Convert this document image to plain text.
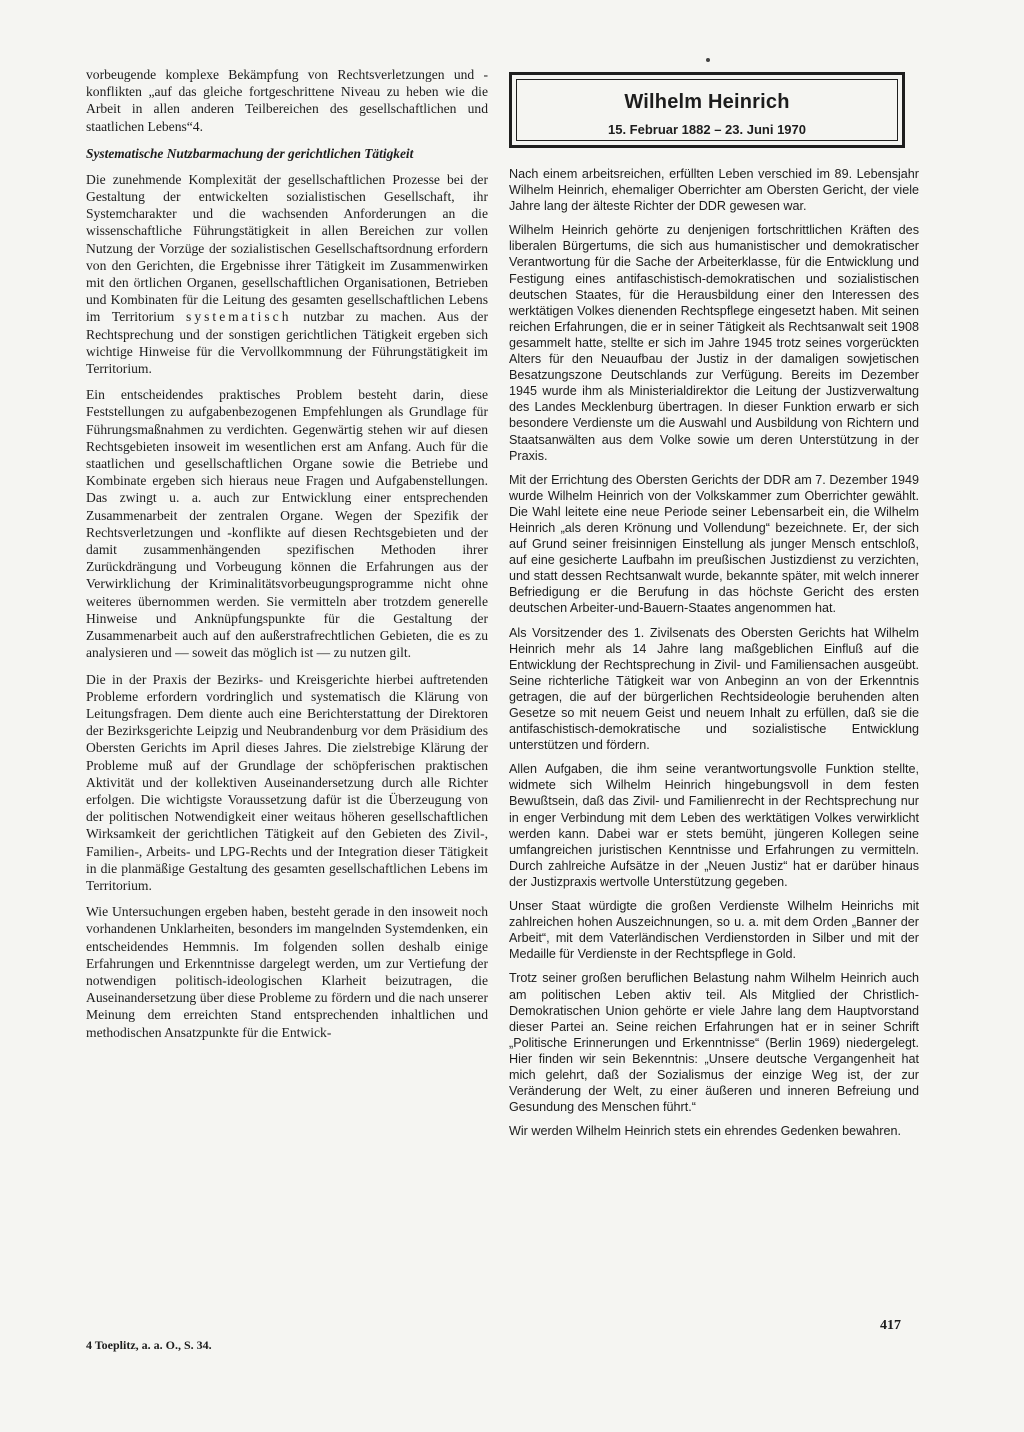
vorbeugende komplexe Bekämpfung von Rechtsverletzungen und -konflikten „auf das gleiche fortgeschrittene Niveau zu heben wie die Arbeit in allen anderen Teilbereichen des gesellschaftlichen und staatlichen Lebens“4.

Systematische Nutzbarmachung der gerichtlichen Tätigkeit

Die zunehmende Komplexität der gesellschaftlichen Prozesse bei der Gestaltung der entwickelten sozialistischen Gesellschaft, ihr Systemcharakter und die wachsenden Anforderungen an die wissenschaftliche Führungstätigkeit in allen Bereichen zur vollen Nutzung der Vorzüge der sozialistischen Gesellschaftsordnung erfordern von den Gerichten, die Ergebnisse ihrer Tätigkeit im Zusammenwirken mit den örtlichen Organen, gesellschaftlichen Organisationen, Betrieben und Kombinaten für die Leitung des gesamten gesellschaftlichen Lebens im Territorium systematisch nutzbar zu machen. Aus der Rechtsprechung und der sonstigen gerichtlichen Tätigkeit ergeben sich wichtige Hinweise für die Vervollkommnung der Führungstätigkeit im Territorium.

Ein entscheidendes praktisches Problem besteht darin, diese Feststellungen zu aufgabenbezogenen Empfehlungen als Grundlage für Führungsmaßnahmen zu verdichten. Gegenwärtig stehen wir auf diesen Rechtsgebieten insoweit im wesentlichen erst am Anfang. Auch für die staatlichen und gesellschaftlichen Organe sowie die Betriebe und Kombinate ergeben sich hieraus neue Fragen und Aufgabenstellungen. Das zwingt u. a. auch zur Entwicklung einer entsprechenden Zusammenarbeit der zentralen Organe. Wegen der Spezifik der Rechtsverletzungen und -konflikte auf diesen Rechtsgebieten und der damit zusammenhängenden spezifischen Methoden ihrer Zurückdrängung und Vorbeugung können die Erfahrungen aus der Verwirklichung der Kriminalitätsvorbeugungsprogramme nicht ohne weiteres übernommen werden. Sie vermitteln aber trotzdem generelle Hinweise und Anknüpfungspunkte für die Gestaltung der Zusammenarbeit auch auf den außerstrafrechtlichen Gebieten, die es zu analysieren und — soweit das möglich ist — zu nutzen gilt.

Die in der Praxis der Bezirks- und Kreisgerichte hierbei auftretenden Probleme erfordern vordringlich und systematisch die Klärung von Leitungsfragen. Dem diente auch eine Berichterstattung der Direktoren der Bezirksgerichte Leipzig und Neubrandenburg vor dem Präsidium des Obersten Gerichts im April dieses Jahres. Die zielstrebige Klärung der Probleme muß auf der Grundlage der schöpferischen praktischen Aktivität und der kollektiven Auseinandersetzung durch alle Richter erfolgen. Die wichtigste Voraussetzung dafür ist die Überzeugung von der politischen Notwendigkeit einer weitaus höheren gesellschaftlichen Wirksamkeit der gerichtlichen Tätigkeit auf den Gebieten des Zivil-, Familien-, Arbeits- und LPG-Rechts und der Integration dieser Tätigkeit in die planmäßige Gestaltung des gesamten gesellschaftlichen Lebens im Territorium.

Wie Untersuchungen ergeben haben, besteht gerade in den insoweit noch vorhandenen Unklarheiten, besonders im mangelnden Systemdenken, ein entscheidendes Hemmnis. Im folgenden sollen deshalb einige Erfahrungen und Erkenntnisse dargelegt werden, um zur Vertiefung der notwendigen politisch-ideologischen Klarheit beizutragen, die Auseinandersetzung über diese Probleme zu fördern und die nach unserer Meinung dem erreichten Stand entsprechenden inhaltlichen und methodischen Ansatzpunkte für die Entwick-

4 Toeplitz, a. a. O., S. 34.
Wilhelm Heinrich
15. Februar 1882 – 23. Juni 1970

Nach einem arbeitsreichen, erfüllten Leben verschied im 89. Lebensjahr Wilhelm Heinrich, ehemaliger Oberrichter am Obersten Gericht, der viele Jahre lang der älteste Richter der DDR gewesen war.

Wilhelm Heinrich gehörte zu denjenigen fortschrittlichen Kräften des liberalen Bürgertums, die sich aus humanistischer und demokratischer Verantwortung für die Sache der Arbeiterklasse, für die Entwicklung und Festigung eines antifaschistisch-demokratischen und sozialistischen deutschen Staates, für die Herausbildung einer den Interessen des werktätigen Volkes dienenden Rechtspflege eingesetzt haben. Mit seinen reichen Erfahrungen, die er in seiner Tätigkeit als Rechtsanwalt seit 1908 gesammelt hatte, stellte er sich im Jahre 1945 trotz seines vorgerückten Alters für den Neuaufbau der Justiz in der damaligen sowjetischen Besatzungszone Deutschlands zur Verfügung. Bereits im Dezember 1945 wurde ihm als Ministerialdirektor die Leitung der Justizverwaltung des Landes Mecklenburg übertragen. In dieser Funktion erwarb er sich besondere Verdienste um die Auswahl und Ausbildung von Richtern und Staatsanwälten aus dem Volke sowie um deren Unterstützung in der Praxis.

Mit der Errichtung des Obersten Gerichts der DDR am 7. Dezember 1949 wurde Wilhelm Heinrich von der Volkskammer zum Oberrichter gewählt. Die Wahl leitete eine neue Periode seiner Lebensarbeit ein, die Wilhelm Heinrich „als deren Krönung und Vollendung“ bezeichnete. Er, der sich auf Grund seiner freisinnigen Einstellung als junger Mensch entschloß, auf eine gesicherte Laufbahn im preußischen Justizdienst zu verzichten, und statt dessen Rechtsanwalt wurde, bekannte später, mit welch innerer Befriedigung er die Berufung in das höchste Gericht des ersten deutschen Arbeiter-und-Bauern-Staates angenommen hat.

Als Vorsitzender des 1. Zivilsenats des Obersten Gerichts hat Wilhelm Heinrich mehr als 14 Jahre lang maßgeblichen Einfluß auf die Entwicklung der Rechtsprechung in Zivil- und Familiensachen ausgeübt. Seine richterliche Tätigkeit war von Anbeginn an von der Erkenntnis getragen, die auf der bürgerlichen Rechtsideologie beruhenden alten Gesetze so mit neuem Geist und neuem Inhalt zu erfüllen, daß sie die antifaschistisch-demokratische und sozialistische Entwicklung unterstützen und fördern.

Allen Aufgaben, die ihm seine verantwortungsvolle Funktion stellte, widmete sich Wilhelm Heinrich hingebungsvoll in dem festen Bewußtsein, daß das Zivil- und Familienrecht in der Rechtsprechung nur in enger Verbindung mit dem Leben des werktätigen Volkes verwirklicht werden kann. Dabei war er stets bemüht, jüngeren Kollegen seine umfangreichen juristischen Kenntnisse und Erfahrungen zu vermitteln. Durch zahlreiche Aufsätze in der „Neuen Justiz“ hat er darüber hinaus der Justizpraxis wertvolle Unterstützung gegeben.

Unser Staat würdigte die großen Verdienste Wilhelm Heinrichs mit zahlreichen hohen Auszeichnungen, so u. a. mit dem Orden „Banner der Arbeit“, mit dem Vaterländischen Verdienstorden in Silber und mit der Medaille für Verdienste in der Rechtspflege in Gold.

Trotz seiner großen beruflichen Belastung nahm Wilhelm Heinrich auch am politischen Leben aktiv teil. Als Mitglied der Christlich-Demokratischen Union gehörte er viele Jahre lang dem Hauptvorstand dieser Partei an. Seine reichen Erfahrungen hat er in seiner Schrift „Politische Erinnerungen und Erkenntnisse“ (Berlin 1969) niedergelegt. Hier finden wir sein Bekenntnis: „Unsere deutsche Vergangenheit hat mich gelehrt, daß der Sozialismus der einzige Weg ist, der zur Veränderung der Welt, zu einer äußeren und inneren Befreiung und Gesundung des Menschen führt.“

Wir werden Wilhelm Heinrich stets ein ehrendes Gedenken bewahren.

417
